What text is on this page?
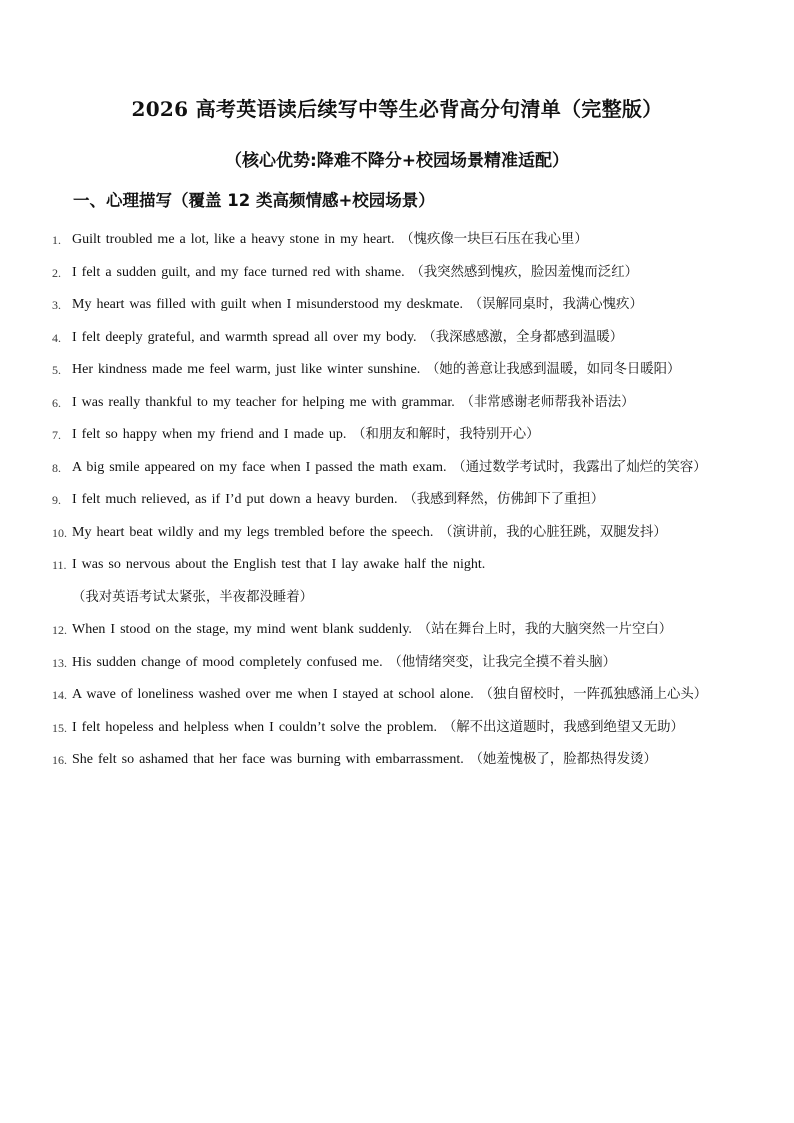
2026 高考英语读后续写中等生必背高分句清单（完整版）
（核心优势:降难不降分+校园场景精准适配）
一、心理描写（覆盖 12 类高频情感+校园场景）
1. Guilt troubled me a lot, like a heavy stone in my heart. （愧疚像一块巨石压在我心里）
2. I felt a sudden guilt, and my face turned red with shame. （我突然感到愧疚，脸因羞愧而泛红）
3. My heart was filled with guilt when I misunderstood my deskmate. （误解同桌时，我满心愧疚）
4. I felt deeply grateful, and warmth spread all over my body. （我深感感激，全身都感到温暖）
5. Her kindness made me feel warm, just like winter sunshine. （她的善意让我感到温暖，如同冬日暖阳）
6. I was really thankful to my teacher for helping me with grammar. （非常感谢老师帮我补语法）
7. I felt so happy when my friend and I made up. （和朋友和解时，我特别开心）
8. A big smile appeared on my face when I passed the math exam. （通过数学考试时，我露出了灿烂的笑容）
9. I felt much relieved, as if I’d put down a heavy burden. （我感到释然，仿佛卸下了重担）
10. My heart beat wildly and my legs trembled before the speech. （演讲前，我的心脏狂跳，双腿发抖）
11. I was so nervous about the English test that I lay awake half the night. （我对英语考试太紧张，半夜都没睡着）
12. When I stood on the stage, my mind went blank suddenly. （站在舞台上时，我的大脑突然一片空白）
13. His sudden change of mood completely confused me. （他情绪突变，让我完全摸不着头脑）
14. A wave of loneliness washed over me when I stayed at school alone. （独自留校时，一阵孤独感涌上心头）
15. I felt hopeless and helpless when I couldn’t solve the problem. （解不出这道题时，我感到绝望又无助）
16. She felt so ashamed that her face was burning with embarrassment. （她羞愧极了，脸都热得发烫）
